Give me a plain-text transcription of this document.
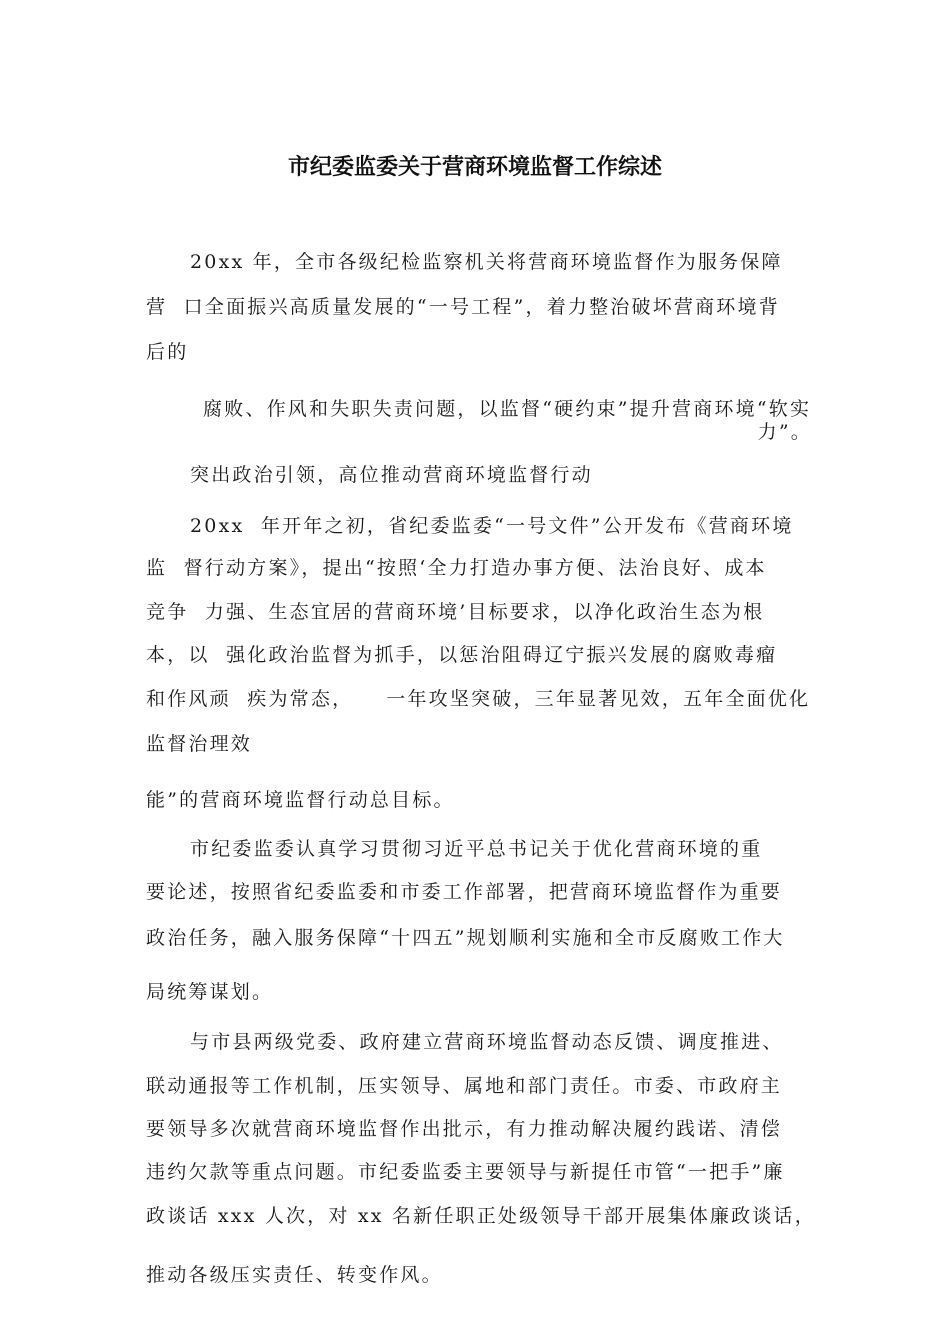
市纪委监委关于营商环境监督工作综述
20xx 年，全市各级纪检监察机关将营商环境监督作为服务保障
营  口全面振兴高质量发展的“一号工程”，着力整治破坏营商环境背
后的
腐败、作风和失职失责问题，以监督“硬约束”提升营商环境“软实
力”。
突出政治引领，高位推动营商环境监督行动
20xx  年开年之初，省纪委监委“一号文件”公开发布《营商环境
监  督行动方案》，提出“按照‘全力打造办事方便、法治良好、成本
竞争  力强、生态宜居的营商环境’目标要求，以净化政治生态为根
本，以  强化政治监督为抓手，以惩治阻碍辽宁振兴发展的腐败毒瘤
和作风顽  疾为常态，    一年攻坚突破，三年显著见效，五年全面优化
监督治理效
能”的营商环境监督行动总目标。
市纪委监委认真学习贯彻习近平总书记关于优化营商环境的重
要论述，按照省纪委监委和市委工作部署，把营商环境监督作为重要
政治任务，融入服务保障“十四五”规划顺利实施和全市反腐败工作大
局统筹谋划。
与市县两级党委、政府建立营商环境监督动态反馈、调度推进、
联动通报等工作机制，压实领导、属地和部门责任。市委、市政府主
要领导多次就营商环境监督作出批示，有力推动解决履约践诺、清偿
违约欠款等重点问题。市纪委监委主要领导与新提任市管“一把手”廉
政谈话 xxx 人次，对 xx 名新任职正处级领导干部开展集体廉政谈话，
推动各级压实责任、转变作风。
